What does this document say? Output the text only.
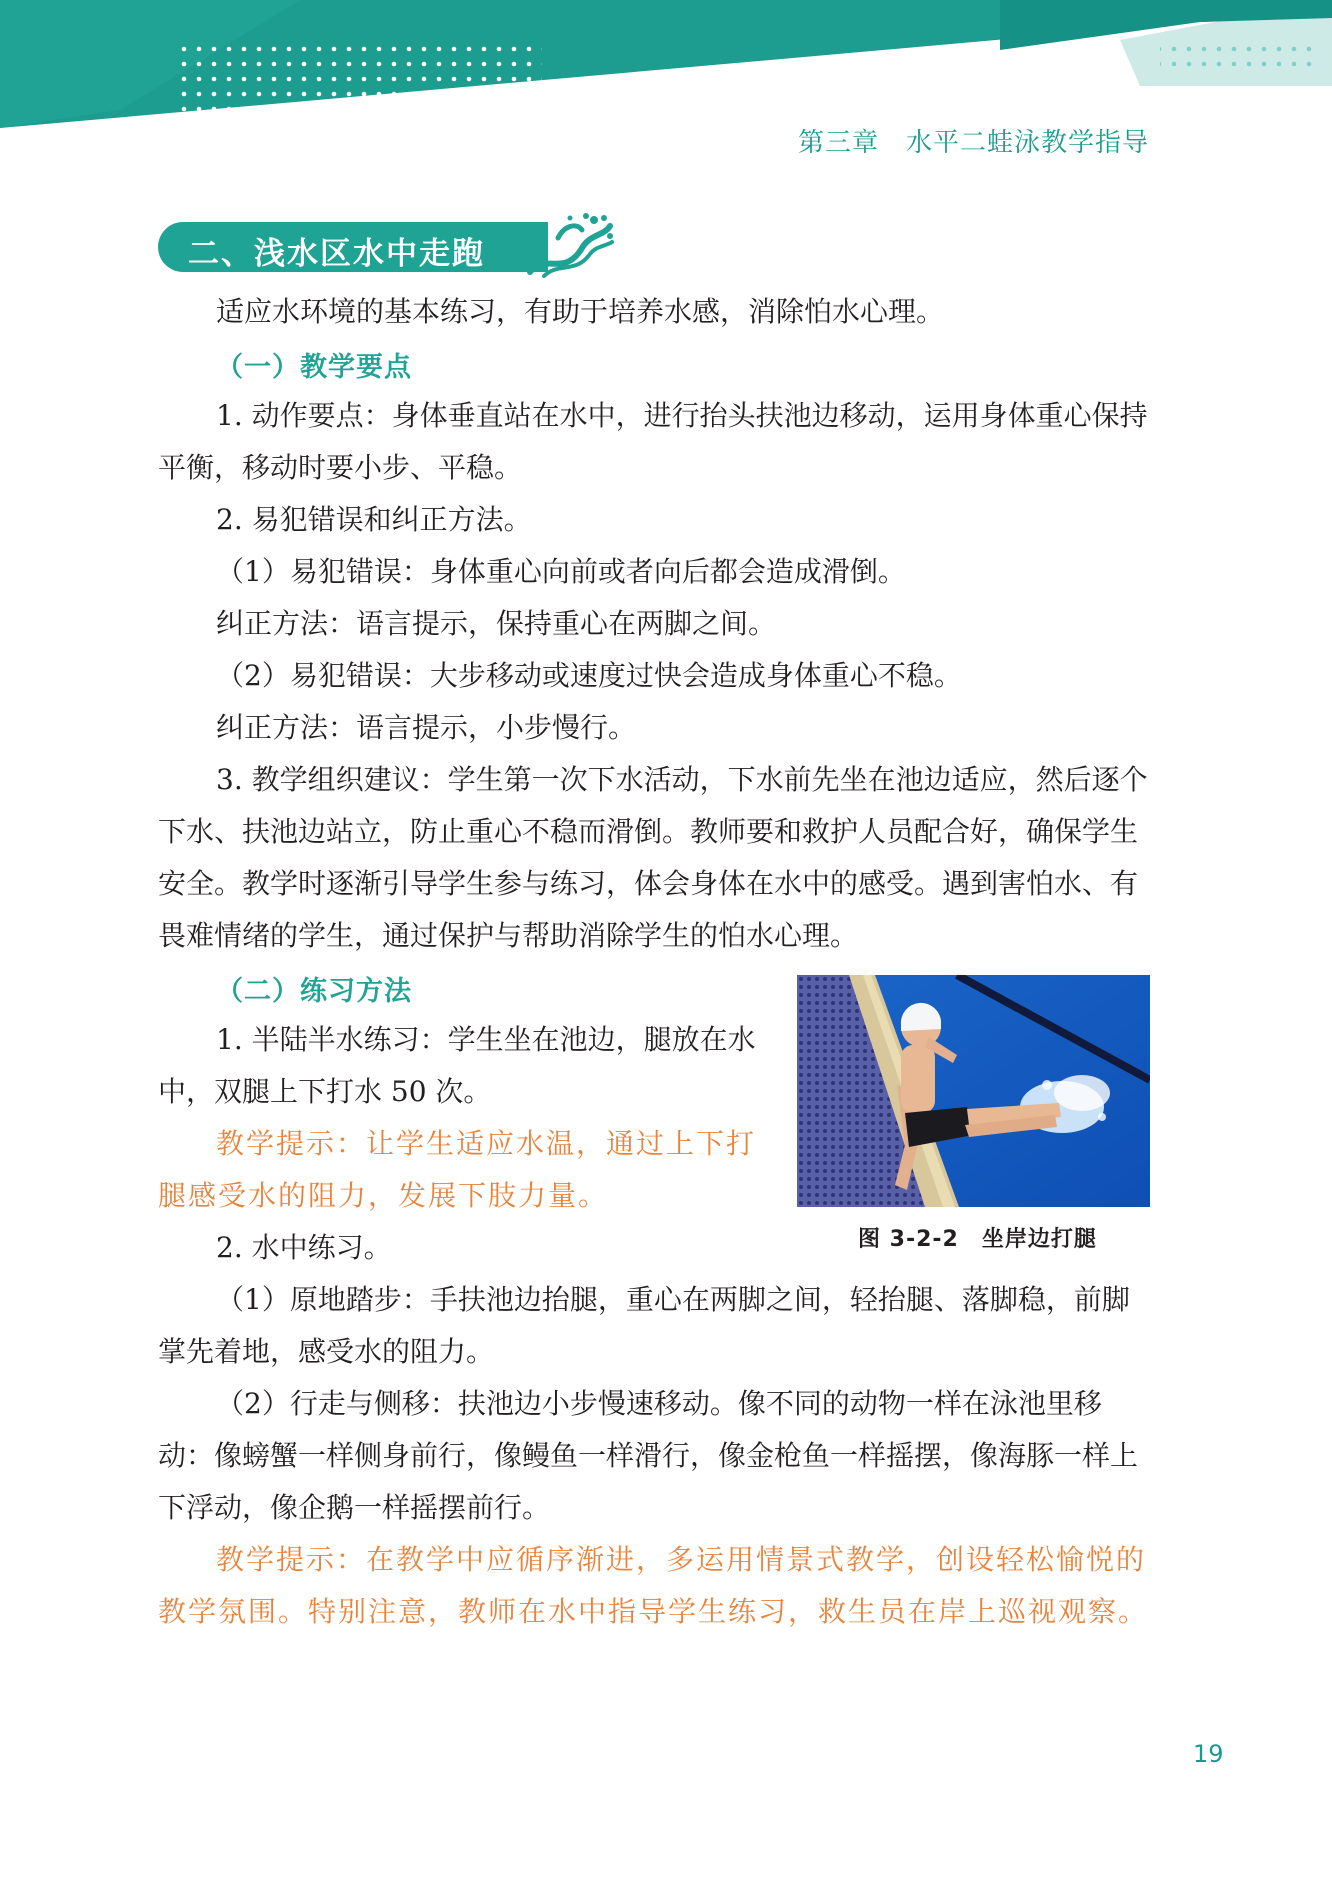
第三章　水平二蛙泳教学指导
二、浅水区水中走跑

适应水环境的基本练习，有助于培养水感，消除怕水心理。

（一）教学要点

1. 动作要点：身体垂直站在水中，进行抬头扶池边移动，运用身体重心保持平衡，移动时要小步、平稳。

2. 易犯错误和纠正方法。

（1）易犯错误：身体重心向前或者向后都会造成滑倒。

纠正方法：语言提示，保持重心在两脚之间。

（2）易犯错误：大步移动或速度过快会造成身体重心不稳。

纠正方法：语言提示，小步慢行。

3. 教学组织建议：学生第一次下水活动，下水前先坐在池边适应，然后逐个下水、扶池边站立，防止重心不稳而滑倒。教师要和救护人员配合好，确保学生安全。教学时逐渐引导学生参与练习，体会身体在水中的感受。遇到害怕水、有畏难情绪的学生，通过保护与帮助消除学生的怕水心理。

（二）练习方法

1. 半陆半水练习：学生坐在池边，腿放在水中，双腿上下打水 50 次。

教学提示：让学生适应水温，通过上下打腿感受水的阻力，发展下肢力量。

2. 水中练习。

（1）原地踏步：手扶池边抬腿，重心在两脚之间，轻抬腿、落脚稳，前脚掌先着地，感受水的阻力。

（2）行走与侧移：扶池边小步慢速移动。像不同的动物一样在泳池里移动：像螃蟹一样侧身前行，像鳗鱼一样滑行，像金枪鱼一样摇摆，像海豚一样上下浮动，像企鹅一样摇摆前行。

教学提示：在教学中应循序渐进，多运用情景式教学，创设轻松愉悦的教学氛围。特别注意，教师在水中指导学生练习，救生员在岸上巡视观察。

图 3-2-2　坐岸边打腿
19
